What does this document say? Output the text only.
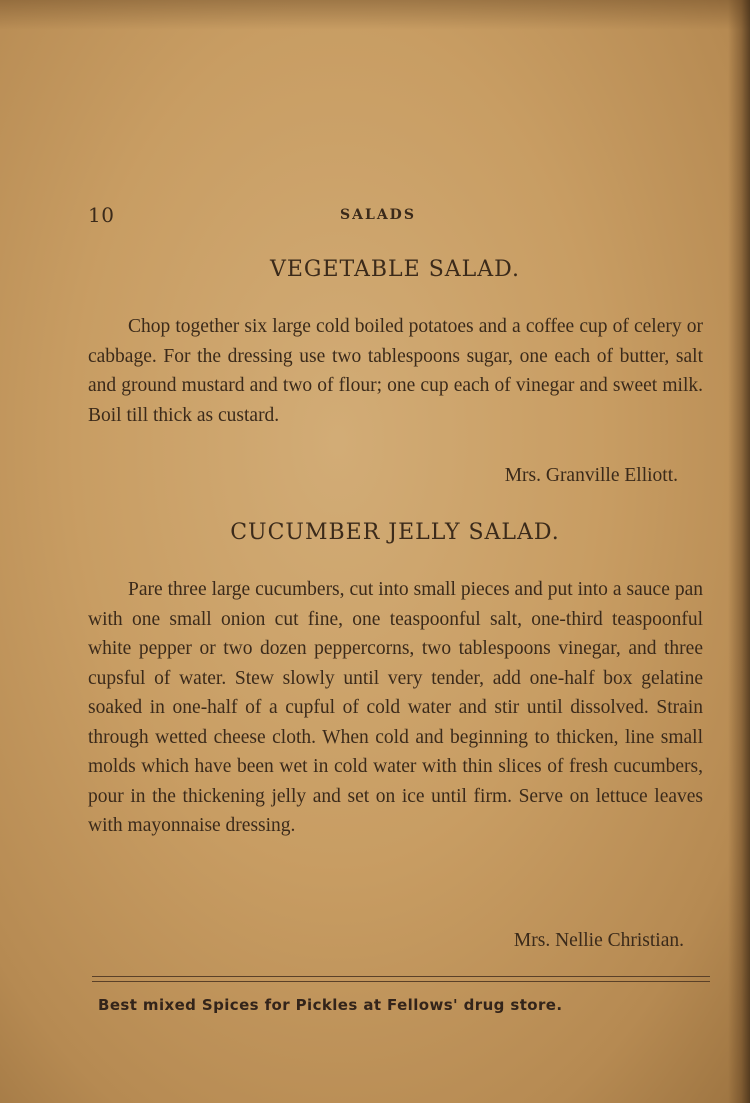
10	SALADS
VEGETABLE SALAD.

Chop together six large cold boiled potatoes and a coffee cup of celery or cabbage. For the dressing use two tablespoons sugar, one each of butter, salt and ground mustard and two of flour; one cup each of vinegar and sweet milk. Boil till thick as custard.

Mrs. Granville Elliott.

CUCUMBER JELLY SALAD.

Pare three large cucumbers, cut into small pieces and put into a sauce pan with one small onion cut fine, one teaspoonful salt, one-third teaspoonful white pepper or two dozen peppercorns, two tablespoons vinegar, and three cupsful of water. Stew slowly until very tender, add one-half box gelatine soaked in one-half of a cupful of cold water and stir until dissolved. Strain through wetted cheese cloth. When cold and beginning to thicken, line small molds which have been wet in cold water with thin slices of fresh cucumbers, pour in the thickening jelly and set on ice until firm. Serve on lettuce leaves with mayonnaise dressing.

Mrs. Nellie Christian.

Best mixed Spices for Pickles at Fellows' drug store.
